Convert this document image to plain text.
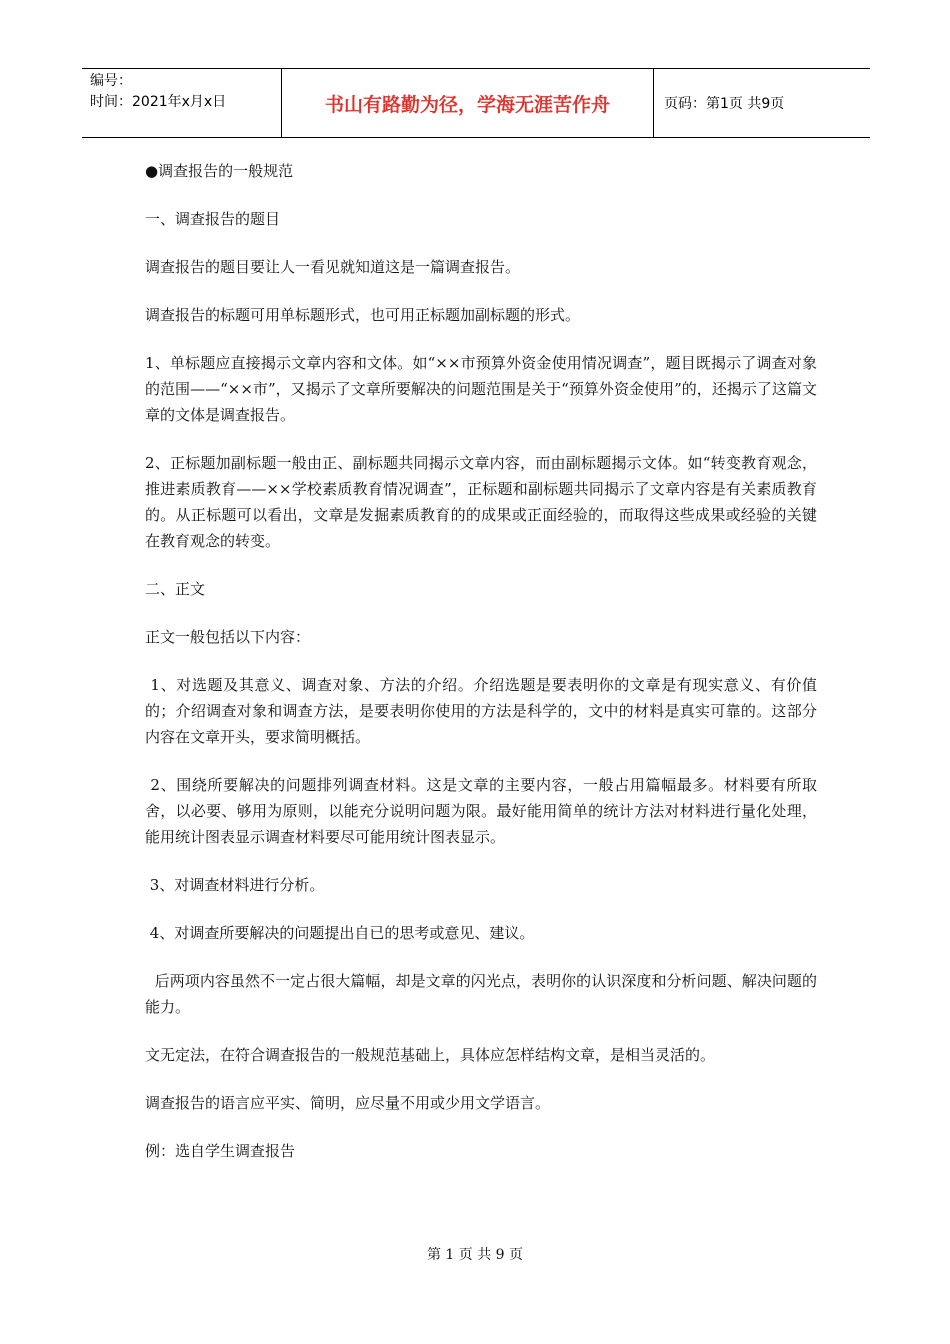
编号：
时间：2021年x月x日	书山有路勤为径，学海无涯苦作舟	页码：第1页 共9页

●调查报告的一般规范

一、调查报告的题目

调查报告的题目要让人一看见就知道这是一篇调查报告。

调查报告的标题可用单标题形式，也可用正标题加副标题的形式。

1、单标题应直接揭示文章内容和文体。如“××市预算外资金使用情况调查”，题目既揭示了调查对象的范围——“××市”，又揭示了文章所要解决的问题范围是关于“预算外资金使用”的，还揭示了这篇文章的文体是调查报告。

2、正标题加副标题一般由正、副标题共同揭示文章内容，而由副标题揭示文体。如“转变教育观念，推进素质教育——××学校素质教育情况调查”，正标题和副标题共同揭示了文章内容是有关素质教育的。从正标题可以看出，文章是发掘素质教育的的成果或正面经验的，而取得这些成果或经验的关键在教育观念的转变。

二、正文

正文一般包括以下内容：

1、对选题及其意义、调查对象、方法的介绍。介绍选题是要表明你的文章是有现实意义、有价值的；介绍调查对象和调查方法，是要表明你使用的方法是科学的，文中的材料是真实可靠的。这部分内容在文章开头，要求简明概括。

2、围绕所要解决的问题排列调查材料。这是文章的主要内容，一般占用篇幅最多。材料要有所取舍，以必要、够用为原则，以能充分说明问题为限。最好能用简单的统计方法对材料进行量化处理，能用统计图表显示调查材料要尽可能用统计图表显示。

3、对调查材料进行分析。

4、对调查所要解决的问题提出自已的思考或意见、建议。

后两项内容虽然不一定占很大篇幅，却是文章的闪光点，表明你的认识深度和分析问题、解决问题的能力。

文无定法，在符合调查报告的一般规范基础上，具体应怎样结构文章，是相当灵活的。

调查报告的语言应平实、简明，应尽量不用或少用文学语言。

例：选自学生调查报告

第 1 页 共 9 页
